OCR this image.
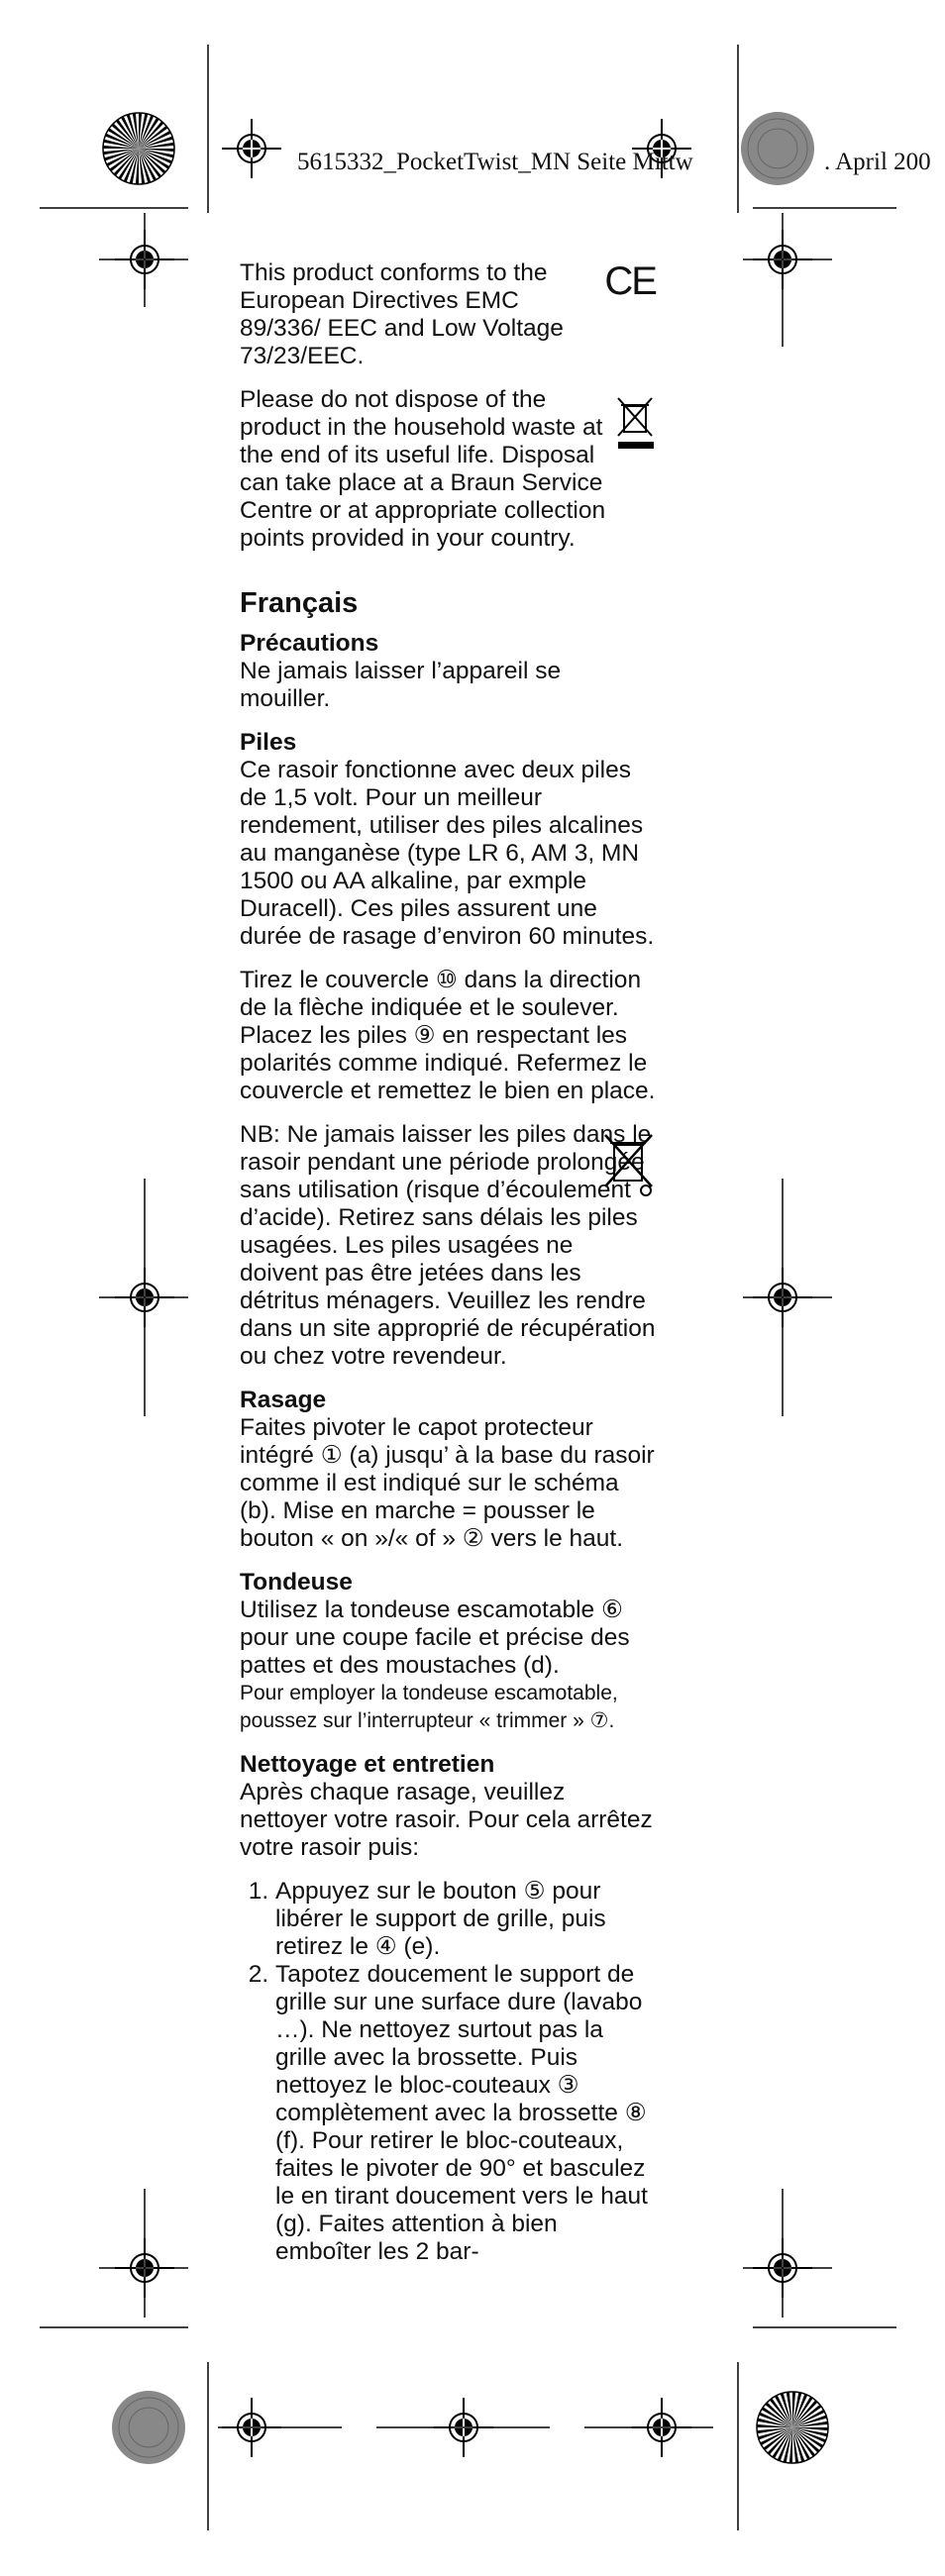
5615332_PocketTwist_MN Seite Mittw	. April 200
This product conforms to the European Directives EMC 89/336/ EEC and Low Voltage 73/23/EEC.
CE
Please do not dispose of the product in the household waste at the end of its useful life. Disposal can take place at a Braun Service Centre or at appropriate collection points provided in your country.
Français
Précautions

Ne jamais laisser l’appareil se mouiller.

Piles

Ce rasoir fonctionne avec deux piles de 1,5 volt. Pour un meilleur rendement, utiliser des piles alcalines au manganèse (type LR 6, AM 3, MN 1500 ou AA alkaline, par exmple Duracell). Ces piles assurent une durée de rasage d’environ 60 minutes.

Tirez le couvercle ⑩ dans la direction de la flèche indiquée et le soulever. Placez les piles ⑨ en respectant les polarités comme indiqué. Refermez le couvercle et remettez le bien en place.

NB: Ne jamais laisser les piles dans le rasoir pendant une période prolongée sans utilisation (risque d’écoulement d’acide). Retirez sans délais les piles usagées. Les piles usagées ne doivent pas être jetées dans les détritus ménagers. Veuillez les rendre dans un site approprié de récupération ou chez votre revendeur.
Rasage

Faites pivoter le capot protecteur intégré ① (a) jusqu’ à la base du rasoir comme il est indiqué sur le schéma (b). Mise en marche = pousser le bouton « on »/« of » ② vers le haut.

Tondeuse

Utilisez la tondeuse escamotable ⑥ pour une coupe facile et précise des pattes et des moustaches (d).

Pour employer la tondeuse escamotable, poussez sur l’interrupteur « trimmer » ⑦.

Nettoyage et entretien

Après chaque rasage, veuillez nettoyer votre rasoir. Pour cela arrêtez votre rasoir puis:

1. Appuyez sur le bouton ⑤ pour libérer le support de grille, puis retirez le ④ (e).
2. Tapotez doucement le support de grille sur une surface dure (lavabo …). Ne nettoyez surtout pas la grille avec la brossette. Puis nettoyez le bloc-couteaux ③ complètement avec la brossette ⑧ (f). Pour retirer le bloc-couteaux, faites le pivoter de 90° et basculez le en tirant doucement vers le haut (g). Faites attention à bien emboîter les 2 bar-
